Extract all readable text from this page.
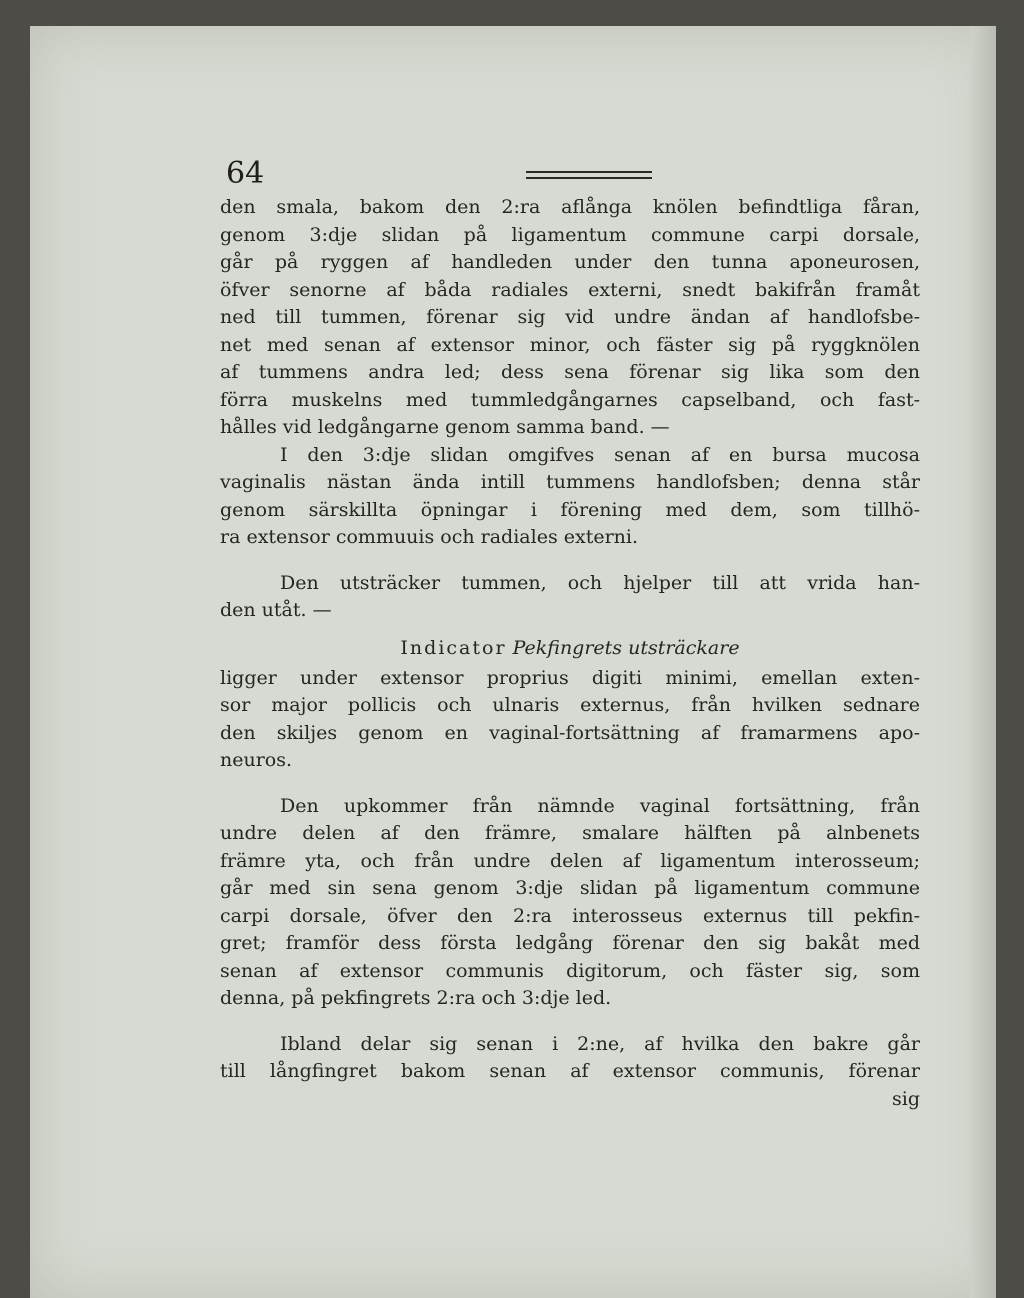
64
den smala, bakom den 2:ra aflånga knölen befindtliga fåran,
genom 3:dje slidan på ligamentum commune carpi dorsale,
går på ryggen af handleden under den tunna aponeurosen,
öfver senorne af båda radiales externi, snedt bakifrån framåt
ned till tummen, förenar sig vid undre ändan af handlofsbe-
net med senan af extensor minor, och fäster sig på ryggknölen
af tummens andra led; dess sena förenar sig lika som den
förra muskelns med tummledgångarnes capselband, och fast-
hålles vid ledgångarne genom samma band. —
I den 3:dje slidan omgifves senan af en bursa mucosa
vaginalis nästan ända intill tummens handlofsben; denna står
genom särskillta öpningar i förening med dem, som tillhö-
ra extensor commuuis och radiales externi.
Den utsträcker tummen, och hjelper till att vrida han-
den utåt. —
Indicator Pekfingrets utsträckare
ligger under extensor proprius digiti minimi, emellan exten-
sor major pollicis och ulnaris externus, från hvilken sednare
den skiljes genom en vaginal-fortsättning af framarmens apo-
neuros.
Den upkommer från nämnde vaginal fortsättning, från
undre delen af den främre, smalare hälften på alnbenets
främre yta, och från undre delen af ligamentum interosseum;
går med sin sena genom 3:dje slidan på ligamentum commune
carpi dorsale, öfver den 2:ra interosseus externus till pekfin-
gret; framför dess första ledgång förenar den sig bakåt med
senan af extensor communis digitorum, och fäster sig, som
denna, på pekfingrets 2:ra och 3:dje led.
Ibland delar sig senan i 2:ne, af hvilka den bakre går
till långfingret bakom senan af extensor communis, förenar
sig
